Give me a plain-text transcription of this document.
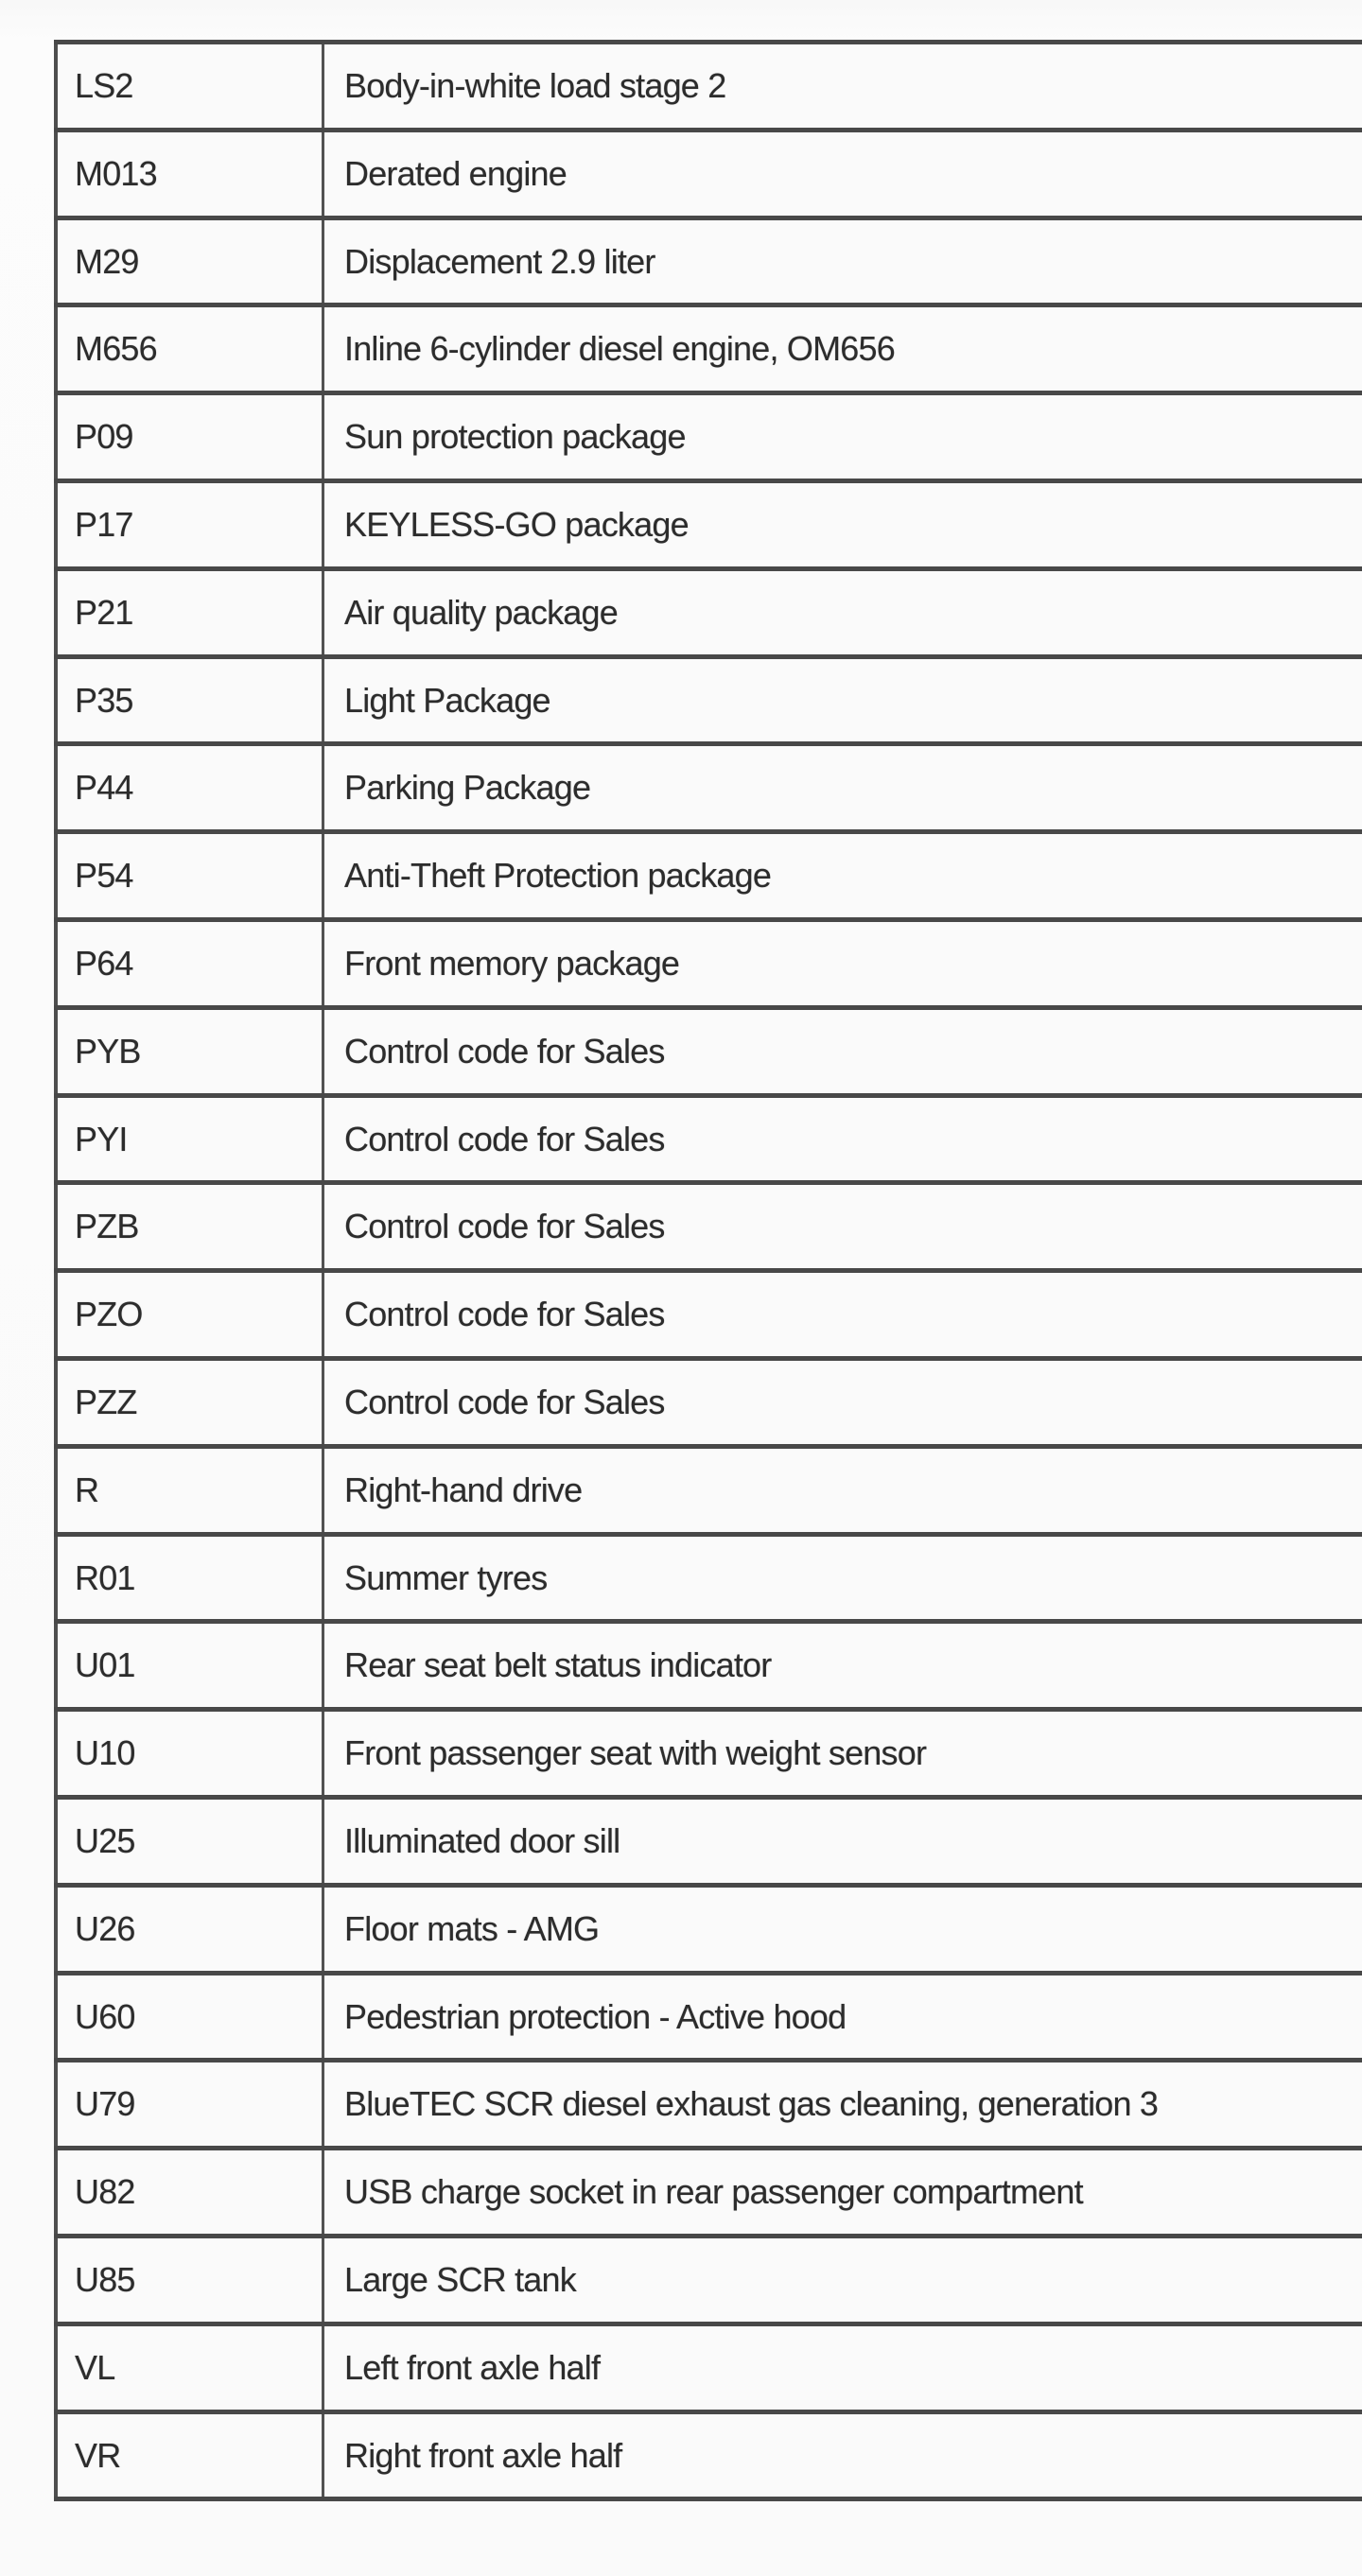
LS2	Body-in-white load stage 2
M013	Derated engine
M29	Displacement 2.9 liter
M656	Inline 6-cylinder diesel engine, OM656
P09	Sun protection package
P17	KEYLESS-GO package
P21	Air quality package
P35	Light Package
P44	Parking Package
P54	Anti-Theft Protection package
P64	Front memory package
PYB	Control code for Sales
PYI	Control code for Sales
PZB	Control code for Sales
PZO	Control code for Sales
PZZ	Control code for Sales
R	Right-hand drive
R01	Summer tyres
U01	Rear seat belt status indicator
U10	Front passenger seat with weight sensor
U25	Illuminated door sill
U26	Floor mats - AMG
U60	Pedestrian protection - Active hood
U79	BlueTEC SCR diesel exhaust gas cleaning, generation 3
U82	USB charge socket in rear passenger compartment
U85	Large SCR tank
VL	Left front axle half
VR	Right front axle half
